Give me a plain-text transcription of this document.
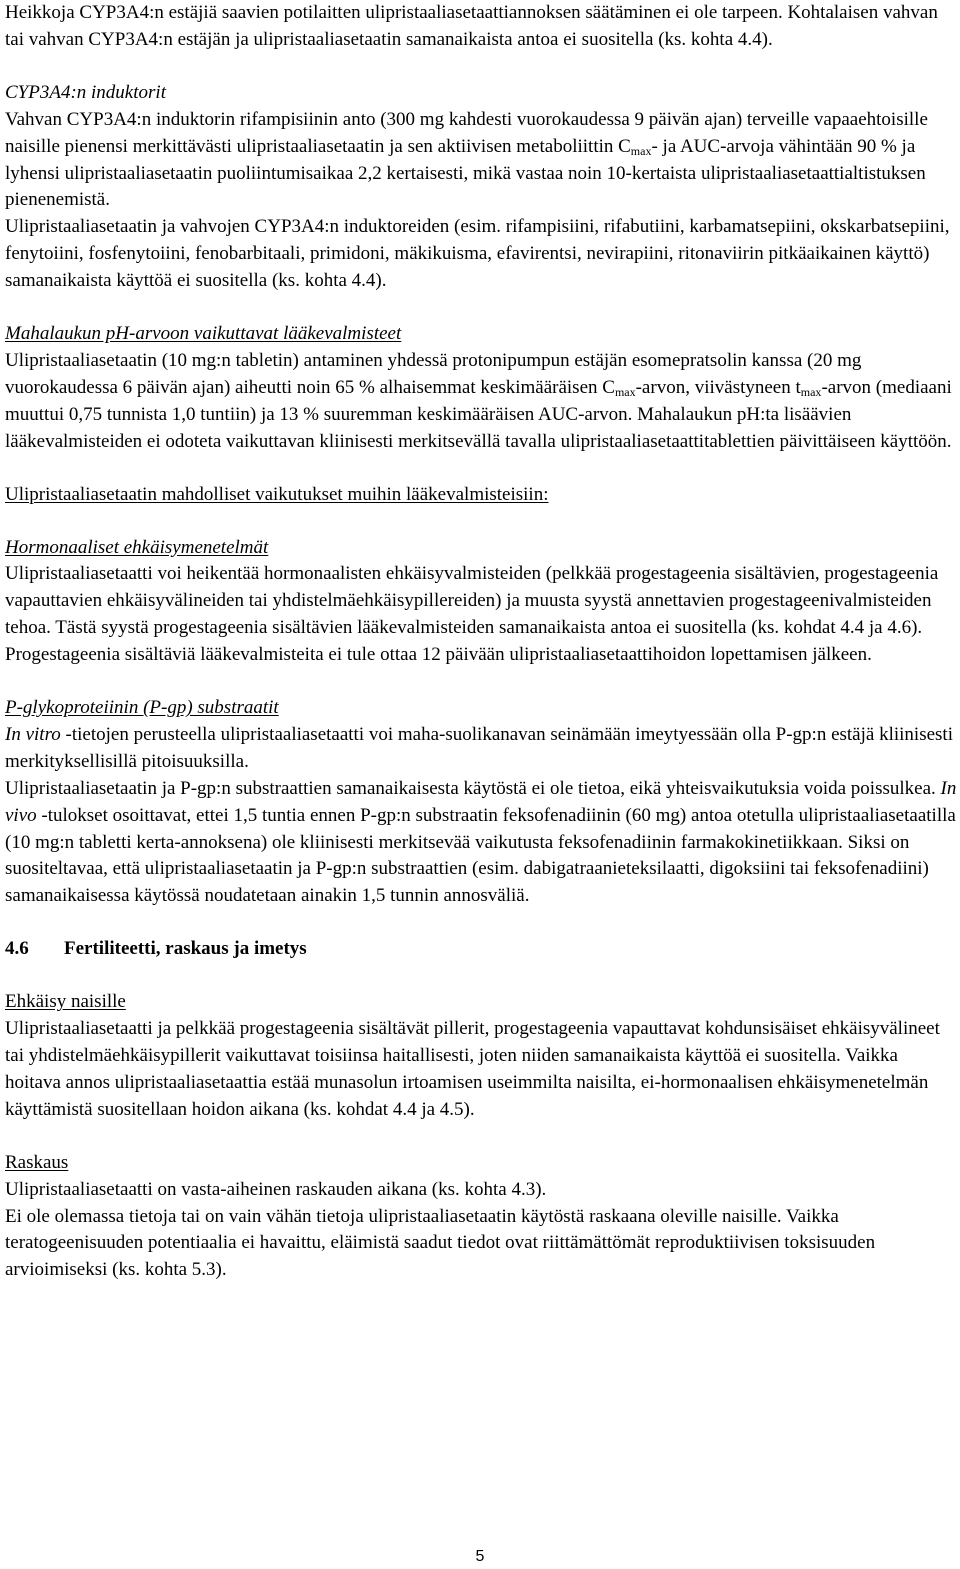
Heikkoja CYP3A4:n estäjiä saavien potilaitten ulipristaaliasetaattiannoksen säätäminen ei ole tarpeen. Kohtalaisen vahvan tai vahvan CYP3A4:n estäjän ja ulipristaaliasetaatin samanaikaista antoa ei suositella (ks. kohta 4.4).

CYP3A4:n induktorit

Vahvan CYP3A4:n induktorin rifampisiinin anto (300 mg kahdesti vuorokaudessa 9 päivän ajan) terveille vapaaehtoisille naisille pienensi merkittävästi ulipristaaliasetaatin ja sen aktiivisen metaboliittin $C_{max}-$ ja AUC-arvoja vähintään 90 % ja lyhensi ulipristaaliasetaatin puoliintumisaikaa 2,2 kertaisesti, mikä vastaa noin 10-kertaista ulipristaaliasetaattialtistuksen pienenemistä.

Ulipristaaliasetaatin ja vahvojen CYP3A4:n induktoreiden (esim. rifampisiini, rifabutiini, karbamatsepiini, okskarbatsepiini, fenytoiini, fosfenytoiini, fenobarbitaali, primidoni, mäkikuisma, efavirentsi, nevirapiini, ritonaviirin pitkäaikainen käyttö) samanaikaista käyttöä ei suositella (ks. kohta 4.4).

Mahalaukun pH-arvoon vaikuttavat lääkevalmisteet

Ulipristaaliasetaatin (10 mg:n tabletin) antaminen yhdessä protonipumpun estäjän esomepratsolin kanssa (20 mg vuorokaudessa 6 päivän ajan) aiheutti noin 65 % alhaisemmat keskimääräisen $C_{max}$-arvon, viivästyneen $t_{max}$-arvon (mediaani muuttui 0,75 tunnista 1,0 tuntiin) ja 13 % suuremman keskimääräisen AUC-arvon. Mahalaukun pH:ta lisäävien lääkevalmisteiden ei odoteta vaikuttavan kliinisesti merkitsevällä tavalla ulipristaaliasetaattitablettien päivittäiseen käyttöön.

Ulipristaaliasetaatin mahdolliset vaikutukset muihin lääkevalmisteisiin:

Hormonaaliset ehkäisymenetelmät

Ulipristaaliasetaatti voi heikentää hormonaalisten ehkäisyvalmisteiden (pelkkää progestageenia sisältävien, progestageenia vapauttavien ehkäisyvälineiden tai yhdistelmäehkäisypillereiden) ja muusta syystä annettavien progestageenivalmisteiden tehoa. Tästä syystä progestageenia sisältävien lääkevalmisteiden samanaikaista antoa ei suositella (ks. kohdat 4.4 ja 4.6). Progestageenia sisältäviä lääkevalmisteita ei tule ottaa 12 päivään ulipristaaliasetaattihoidon lopettamisen jälkeen.

P-glykoproteiinin (P-gp) substraatit

In vitro -tietojen perusteella ulipristaaliasetaatti voi maha-suolikanavan seinämään imeytyessään olla P-gp:n estäjä kliinisesti merkityksellisillä pitoisuuksilla.

Ulipristaaliasetaatin ja P-gp:n substraattien samanaikaisesta käytöstä ei ole tietoa, eikä yhteisvaikutuksia voida poissulkea. In vivo -tulokset osoittavat, ettei 1,5 tuntia ennen P-gp:n substraatin feksofenadiinin (60 mg) antoa otetulla ulipristaaliasetaatilla (10 mg:n tabletti kerta-annoksena) ole kliinisesti merkitsevää vaikutusta feksofenadiinin farmakokinetiikkaan. Siksi on suositeltavaa, että ulipristaaliasetaatin ja P-gp:n substraattien (esim. dabigatraanieteksilaatti, digoksiini tai feksofenadiini) samanaikaisessa käytössä noudatetaan ainakin 1,5 tunnin annosväliä.

4.6 Fertiliteetti, raskaus ja imetys

Ehkäisy naisille

Ulipristaaliasetaatti ja pelkkää progestageenia sisältävät pillerit, progestageenia vapauttavat kohdunsisäiset ehkäisyvälineet tai yhdistelmäehkäisypillerit vaikuttavat toisiinsa haitallisesti, joten niiden samanaikaista käyttöä ei suositella. Vaikka hoitava annos ulipristaaliasetaattia estää munasolun irtoamisen useimmilta naisilta, ei-hormonaalisen ehkäisymenetelmän käyttämistä suositellaan hoidon aikana (ks. kohdat 4.4 ja 4.5).

Raskaus

Ulipristaaliasetaatti on vasta-aiheinen raskauden aikana (ks. kohta 4.3).

Ei ole olemassa tietoja tai on vain vähän tietoja ulipristaaliasetaatin käytöstä raskaana oleville naisille. Vaikka teratogeenisuuden potentiaalia ei havaittu, eläimistä saadut tiedot ovat riittämättömät reproduktiivisen toksisuuden arvioimiseksi (ks. kohta 5.3).

5
